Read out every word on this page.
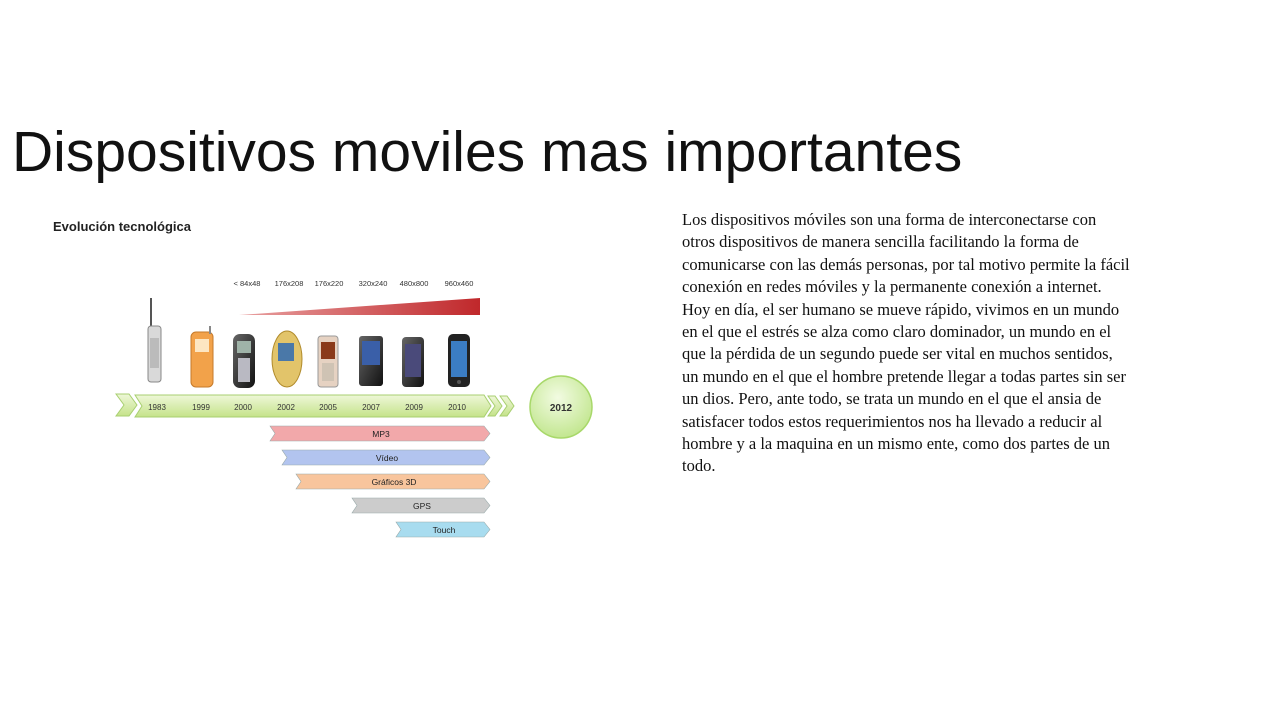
Dispositivos moviles mas importantes
Evolución tecnológica
< 84x48 176x208 176x220 320x240 480x800 960x460
1983	1999	2000	2002	2005	2007	2009	2010	2012
MP3
Vídeo
Gráficos 3D
GPS
Touch

Los dispositivos móviles son una forma de interconectarse con otros dispositivos de manera sencilla facilitando la forma de comunicarse con las demás personas, por tal motivo permite la fácil conexión en redes móviles y la permanente conexión a internet.

Hoy en día, el ser humano se mueve rápido, vivimos en un mundo en el que el estrés se alza como claro dominador, un mundo en el que la pérdida de un segundo puede ser vital en muchos sentidos, un mundo en el que el hombre pretende llegar a todas partes sin ser un dios. Pero, ante todo, se trata un mundo en el que el ansia de satisfacer todos estos requerimientos nos ha llevado a reducir al hombre y a la maquina en un mismo ente, como dos partes de un todo.
